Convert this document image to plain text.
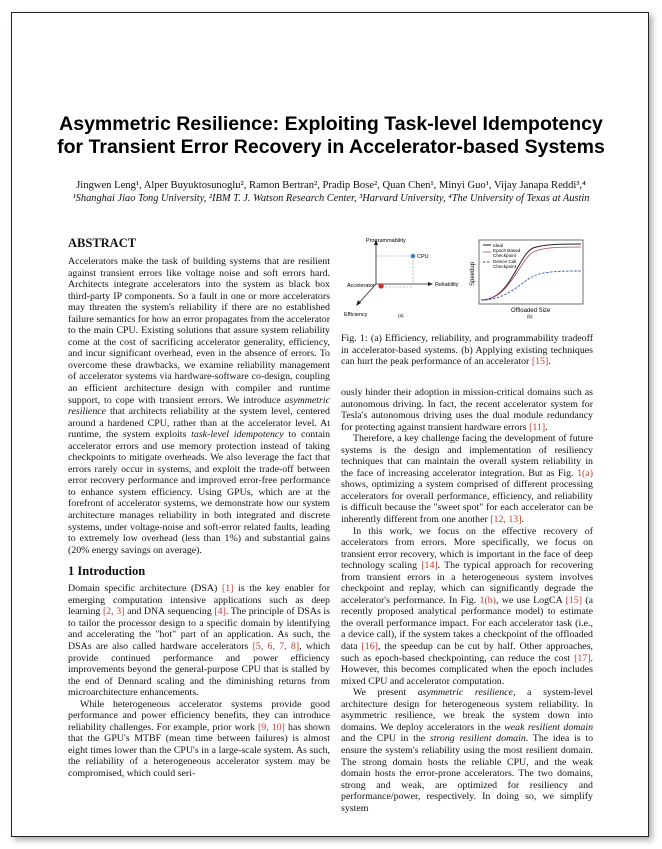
Asymmetric Resilience: Exploiting Task-level Idempotency
for Transient Error Recovery in Accelerator-based Systems
Jingwen Leng¹, Alper Buyuktosunoglu², Ramon Bertran², Pradip Bose², Quan Chen¹, Minyi Guo¹, Vijay Janapa Reddi³,⁴
¹Shanghai Jiao Tong University, ²IBM T. J. Watson Research Center, ³Harvard University, ⁴The University of Texas at Austin
ABSTRACT

Accelerators make the task of building systems that are resilient against transient errors like voltage noise and soft errors hard. Architects integrate accelerators into the system as black box third-party IP components. So a fault in one or more accelerators may threaten the system's reliability if there are no established failure semantics for how an error propagates from the accelerator to the main CPU. Existing solutions that assure system reliability come at the cost of sacrificing accelerator generality, efficiency, and incur significant overhead, even in the absence of errors. To overcome these drawbacks, we examine reliability management of accelerator systems via hardware-software co-design, coupling an efficient architecture design with compiler and runtime support, to cope with transient errors. We introduce asymmetric resilience that architects reliability at the system level, centered around a hardened CPU, rather than at the accelerator level. At runtime, the system exploits task-level idempotency to contain accelerator errors and use memory protection instead of taking checkpoints to mitigate overheads. We also leverage the fact that errors rarely occur in systems, and exploit the trade-off between error recovery performance and improved error-free performance to enhance system efficiency. Using GPUs, which are at the forefront of accelerator systems, we demonstrate how our system architecture manages reliability in both integrated and discrete systems, under voltage-noise and soft-error related faults, leading to extremely low overhead (less than 1%) and substantial gains (20% energy savings on average).

1 Introduction

Domain specific architecture (DSA) [1] is the key enabler for emerging computation intensive applications such as deep learning [2, 3] and DNA sequencing [4]. The principle of DSAs is to tailor the processor design to a specific domain by identifying and accelerating the "hot" part of an application. As such, the DSAs are also called hardware accelerators [5, 6, 7, 8], which provide continued performance and power efficiency improvements beyond the general-purpose CPU that is stalled by the end of Dennard scaling and the diminishing returns from microarchitecture enhancements.

While heterogeneous accelerator systems provide good performance and power efficiency benefits, they can introduce reliability challenges. For example, prior work [9, 10] has shown that the GPU's MTBF (mean time between failures) is almost eight times lower than the CPU's in a large-scale system. As such, the reliability of a heterogeneous accelerator system may be compromised, which could seri-

Programmability
CPU
Accelerator	Reliability
Efficiency	(a)
Ideal
Epoch Based
Checkpoint
Device Call
Checkpoint
Speedup
Offloaded Size
(b)
Fig. 1: (a) Efficiency, reliability, and programmability tradeoff in accelerator-based systems. (b) Applying existing techniques can hurt the peak performance of an accelerator [15].

ously hinder their adoption in mission-critical domains such as autonomous driving. In fact, the recent accelerator system for Tesla's autonomous driving uses the dual module redundancy for protecting against transient hardware errors [11].

Therefore, a key challenge facing the development of future systems is the design and implementation of resiliency techniques that can maintain the overall system reliability in the face of increasing accelerator integration. But as Fig. 1(a) shows, optimizing a system comprised of different processing accelerators for overall performance, efficiency, and reliability is difficult because the "sweet spot" for each accelerator can be inherently different from one another [12, 13].

In this work, we focus on the effective recovery of accelerators from errors. More specifically, we focus on transient error recovery, which is important in the face of deep technology scaling [14]. The typical approach for recovering from transient errors in a heterogeneous system involves checkpoint and replay, which can significantly degrade the accelerator's performance. In Fig. 1(b), we use LogCA [15] (a recently proposed analytical performance model) to estimate the overall performance impact. For each accelerator task (i.e., a device call), if the system takes a checkpoint of the offloaded data [16], the speedup can be cut by half. Other approaches, such as epoch-based checkpointing, can reduce the cost [17]. However, this becomes complicated when the epoch includes mixed CPU and accelerator computation.

We present asymmetric resilience, a system-level architecture design for heterogeneous system reliability. In asymmetric resilience, we break the system down into domains. We deploy accelerators in the weak resilient domain and the CPU in the strong resilient domain. The idea is to ensure the system's reliability using the most resilient domain. The strong domain hosts the reliable CPU, and the weak domain hosts the error-prone accelerators. The two domains, strong and weak, are optimized for resiliency and performance/power, respectively. In doing so, we simplify system
